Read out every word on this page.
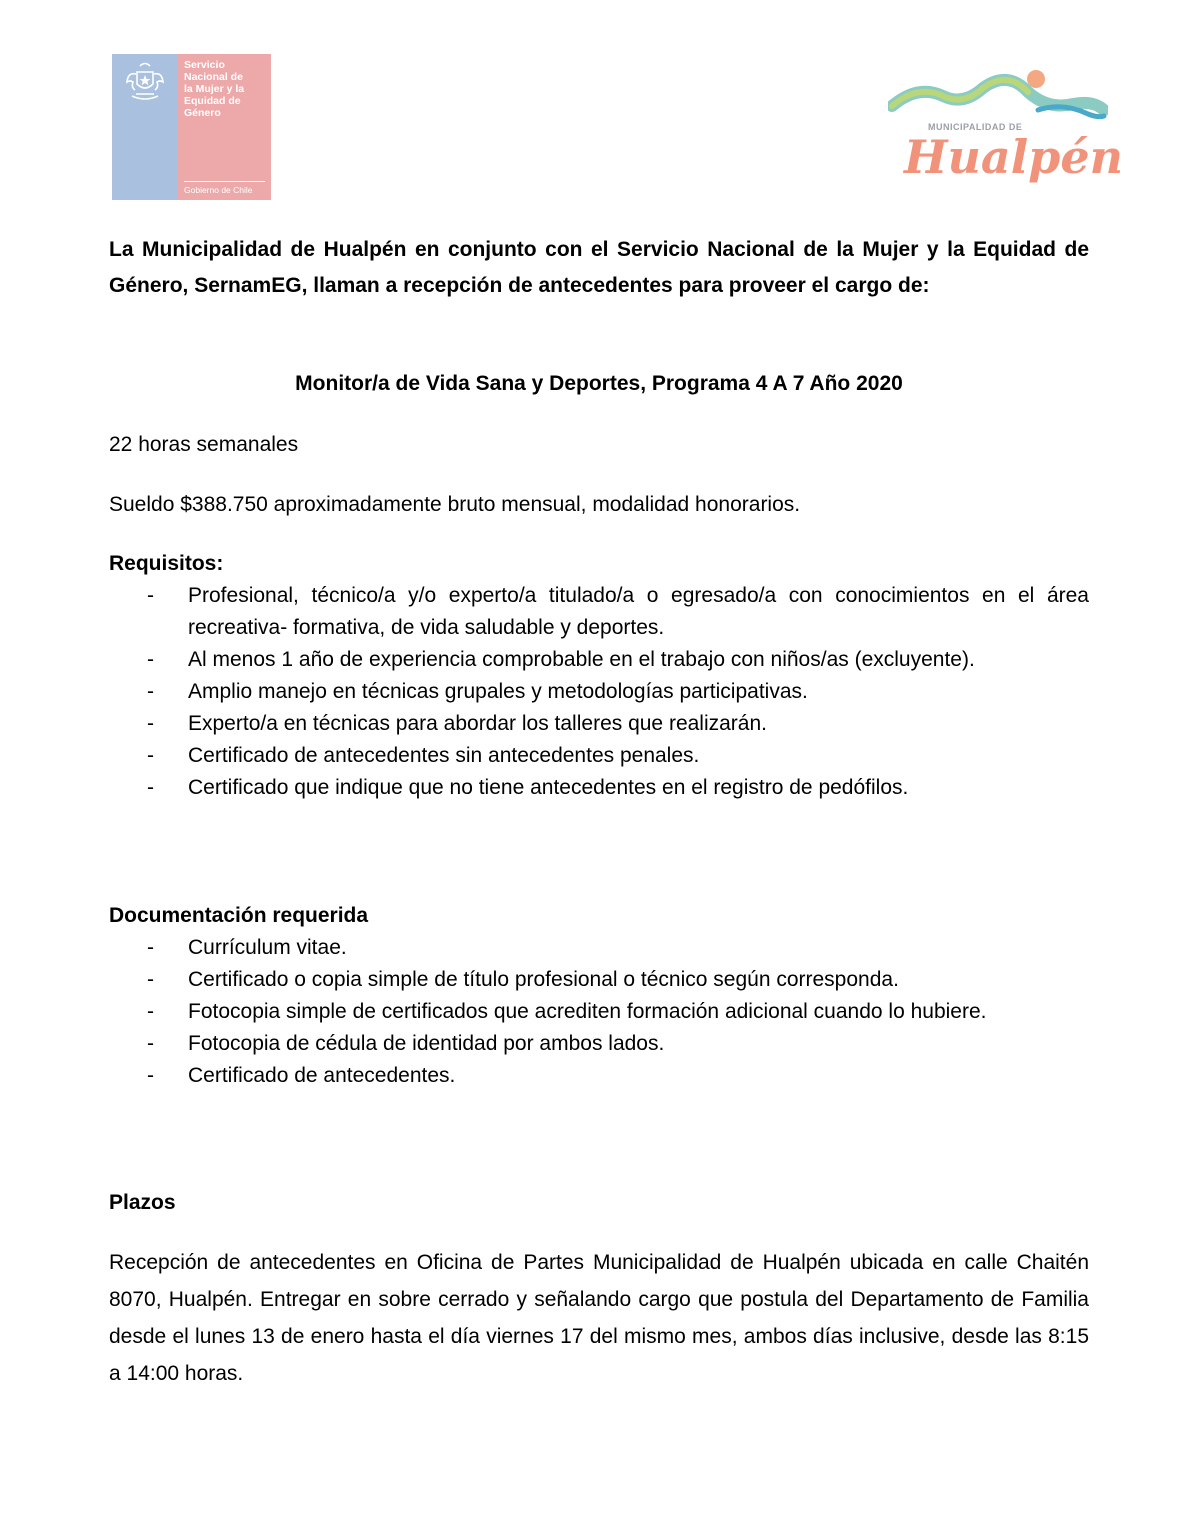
Servicio
Nacional de
la Mujer y la
Equidad de
Género
Gobierno de Chile
MUNICIPALIDAD DE
Hualpén
La Municipalidad de Hualpén en conjunto con el Servicio Nacional de la Mujer y la Equidad de Género, SernamEG, llaman a recepción de antecedentes para proveer el cargo de:
Monitor/a de Vida Sana y Deportes, Programa 4 A 7 Año 2020
22 horas semanales
Sueldo $388.750 aproximadamente bruto mensual, modalidad honorarios.
Requisitos:
- Profesional, técnico/a y/o experto/a titulado/a o egresado/a con conocimientos en el área recreativa- formativa, de vida saludable y deportes.
- Al menos 1 año de experiencia comprobable en el trabajo con niños/as (excluyente).
- Amplio manejo en técnicas grupales y metodologías participativas.
- Experto/a en técnicas para abordar los talleres que realizarán.
- Certificado de antecedentes sin antecedentes penales.
- Certificado que indique que no tiene antecedentes en el registro de pedófilos.
Documentación requerida
- Currículum vitae.
- Certificado o copia simple de título profesional o técnico según corresponda.
- Fotocopia simple de certificados que acrediten formación adicional cuando lo hubiere.
- Fotocopia de cédula de identidad por ambos lados.
- Certificado de antecedentes.
Plazos
Recepción de antecedentes en Oficina de Partes Municipalidad de Hualpén ubicada en calle Chaitén 8070, Hualpén. Entregar en sobre cerrado y señalando cargo que postula del Departamento de Familia desde el lunes 13 de enero hasta el día viernes 17 del mismo mes, ambos días inclusive, desde las 8:15 a 14:00 horas.
